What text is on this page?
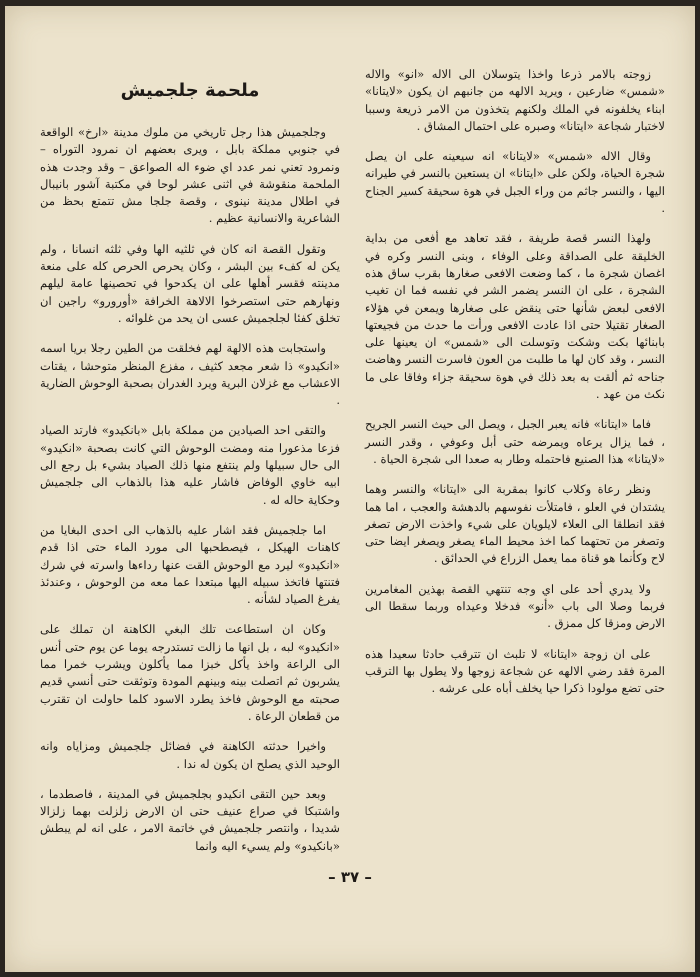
زوجته بالامر ذرعا واخذا يتوسلان الى الاله «انو» والاله «شمس» ضارعين ، ويريد الالهه من جانبهم ان يكون «لايتانا» ابناء يخلفونه في الملك ولكنهم يتخذون من الامر ذريعة وسببا لاختبار شجاعة «ايتانا» وصبره على احتمال المشاق .

وقال الاله «شمس» «لايتانا» انه سيعينه على ان يصل شجرة الحياة، ولكن على «ايتانا» ان يستعين بالنسر في طيرانه اليها ، والنسر جاثم من وراء الجبل في هوة سحيقة كسير الجناح .

ولهذا النسر قصة طريفة ، فقد تعاهد مع أفعى من بداية الخليقة على الصداقة وعلى الوفاء ، وبنى النسر وكره في اغصان شجرة ما ، كما وضعت الافعى صغارها بقرب ساق هذه الشجرة ، على ان النسر يضمر الشر في نفسه فما ان تغيب الافعى لبعض شأنها حتى ينقض على صغارها ويمعن في هؤلاء الصغار تقتيلا حتى اذا عادت الافعى ورأت ما حدث من فجيعتها بابنائها بكت وشكت وتوسلت الى «شمس» ان يعينها على النسر ، وقد كان لها ما طلبت من العون فاسرت النسر وهاضت جناحه ثم ألقت به بعد ذلك في هوة سحيقة جزاء وفاقا على ما نكث من عهد .

فاما «ايتانا» فانه يعبر الجبل ، ويصل الى حيث النسر الجريح ، فما يزال يرعاه ويمرضه حتى أبل وعوفي ، وقدر النسر «لايتانا» هذا الصنيع فاحتمله وطار به صعدا الى شجرة الحياة .

ونظر رعاة وكلاب كانوا بمقربة الى «ايتانا» والنسر وهما يشتدان في العلو ، فامتلأت نفوسهم بالدهشة والعجب ، اما هما فقد انطلقا الى العلاء لايلويان على شيء واخذت الارض تصغر وتصغر من تحتهما كما اخذ محيط الماء يصغر ويصغر ايضا حتى لاح وكأنما هو قناة مما يعمل الزراع في الحدائق .

ولا يدري أحد على اي وجه تنتهي القصة بهذين المغامرين فربما وصلا الى باب «أنو» فدخلا وعيداه وربما سقطا الى الارض ومزقا كل ممزق .

على ان زوجة «ايتانا» لا تلبث ان تترقب حادثا سعيدا هذه المرة فقد رضي الالهه عن شجاعة زوجها ولا يطول بها الترقب حتى تضع مولودا ذكرا حيا يخلف أباه على عرشه .

ملحمة جلجميش

وجلجميش هذا رجل تاريخي من ملوك مدينة «ارخ» الواقعة في جنوبي مملكة بابل ، ويرى بعضهم ان نمرود التوراه – ونمرود تعني نمر عدد اي ضوء اله الصواعق – وقد وجدت هذه الملحمة منقوشة في اثنى عشر لوحا في مكتبة آشور بانيبال في اطلال مدينة نينوى ، وقصة جلجا مش تتمتع بحظ من الشاعرية والانسانية عظيم .

وتقول القصة انه كان في ثلثيه الها وفي ثلثه انسانا ، ولم يكن له كفء بين البشر ، وكان يحرص الحرص كله على منعة مدينته فقسر أهلها على ان يكدحوا في تحصينها عامة ليلهم ونهارهم حتى استصرخوا الالاهة الخرافة «أورورو» راجين ان تخلق كفئا لجلجميش عسى ان يحد من غلوائه .

واستجابت هذه الالهة لهم فخلقت من الطين رجلا بريا اسمه «انكيدو» ذا شعر مجعد كثيف ، مفزع المنظر متوحشا ، يقتات الاعشاب مع غزلان البرية ويرد الغدران بصحبة الوحوش الضارية .

والتقى احد الصيادين من مملكة بابل «بانكيدو» فارتد الصياد فزعا مذعورا منه ومضت الوحوش التي كانت بصحبة «انكيدو» الى حال سبيلها ولم ينتفع منها ذلك الصياد بشيء بل رجع الى ابيه خاوي الوفاض فاشار عليه هذا بالذهاب الى جلجميش وحكاية حاله له .

اما جلجميش فقد اشار عليه بالذهاب الى احدى البغايا من كاهنات الهيكل ، فيصطحبها الى مورد الماء حتى اذا قدم «انكيدو» ليرد مع الوحوش القت عنها رداءها واسرته في شرك فتنتها فاتخذ سبيله اليها مبتعدا عما معه من الوحوش ، وعندئذ يفرغ الصياد لشأنه .

وكان ان استطاعت تلك البغي الكاهنة ان تملك على «انكيدو» لبه ، بل انها ما زالت تستدرجه يوما عن يوم حتى أنس الى الراعة واخذ يأكل خبزا مما يأكلون ويشرب خمرا مما يشربون ثم اتصلت بينه وبينهم المودة وتوثقت حتى أنسي قديم صحبته مع الوحوش فاخذ يطرد الاسود كلما حاولت ان تقترب من قطعان الرعاة .

واخيرا حدثته الكاهنة في فضائل جلجميش ومزاياه وانه الوحيد الذي يصلح ان يكون له ندا .

وبعد حين التقى انكيدو بجلجميش في المدينة ، فاصطدما ، واشتبكا في صراع عنيف حتى ان الارض زلزلت بهما زلزالا شديدا ، وانتصر جلجميش في خاتمة الامر ، على انه لم يبطش «بانكيدو» ولم يسيء اليه وانما

– ٣٧ –
